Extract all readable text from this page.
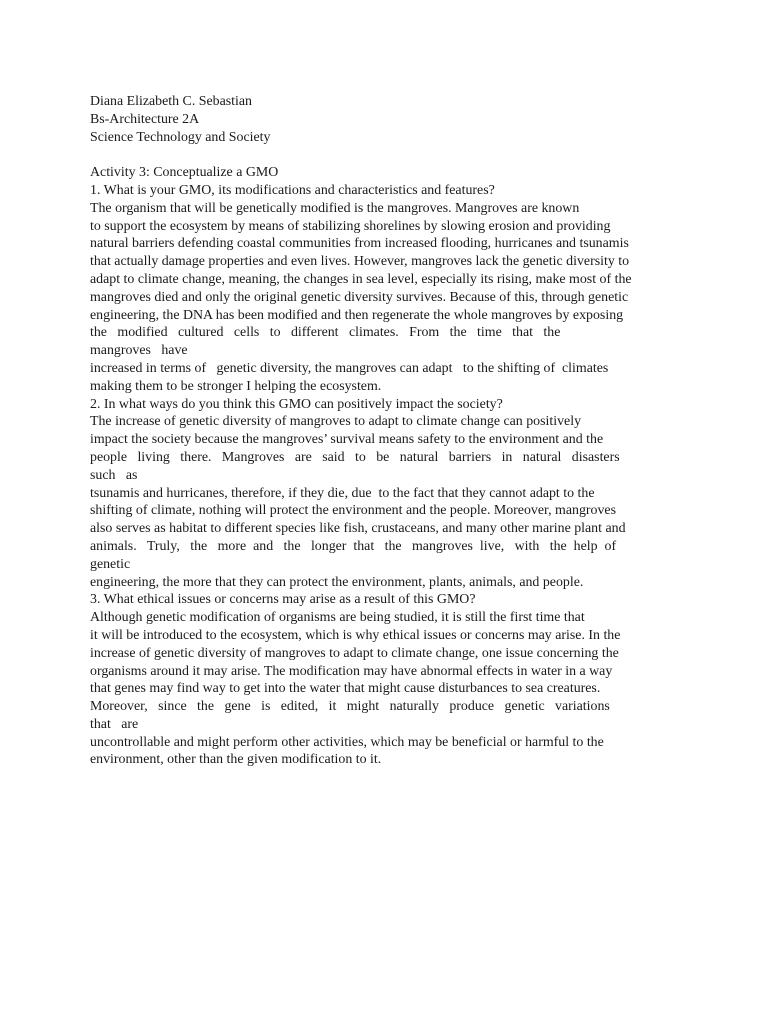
Diana Elizabeth C. Sebastian
Bs-Architecture 2A
Science Technology and Society
Activity 3: Conceptualize a GMO
1. What is your GMO, its modifications and characteristics and features?
The organism that will be genetically modified is the mangroves. Mangroves are known
to support the ecosystem by means of stabilizing shorelines by slowing erosion and providing
natural barriers defending coastal communities from increased flooding, hurricanes and tsunamis
that actually damage properties and even lives. However, mangroves lack the genetic diversity to
adapt to climate change, meaning, the changes in sea level, especially its rising, make most of the
mangroves died and only the original genetic diversity survives. Because of this, through genetic
engineering, the DNA has been modified and then regenerate the whole mangroves by exposing
the   modified   cultured   cells   to   different   climates.   From   the   time   that   the
mangroves   have
increased in terms of   genetic diversity, the mangroves can adapt   to the shifting of  climates
making them to be stronger I helping the ecosystem.
2. In what ways do you think this GMO can positively impact the society?
The increase of genetic diversity of mangroves to adapt to climate change can positively
impact the society because the mangroves’ survival means safety to the environment and the
people   living   there.   Mangroves   are   said   to   be   natural   barriers   in   natural   disasters
such   as
tsunamis and hurricanes, therefore, if they die, due  to the fact that they cannot adapt to the
shifting of climate, nothing will protect the environment and the people. Moreover, mangroves
also serves as habitat to different species like fish, crustaceans, and many other marine plant and
animals.   Truly,   the   more  and   the   longer  that   the   mangroves  live,   with   the  help  of
genetic
engineering, the more that they can protect the environment, plants, animals, and people.
3. What ethical issues or concerns may arise as a result of this GMO?
Although genetic modification of organisms are being studied, it is still the first time that
it will be introduced to the ecosystem, which is why ethical issues or concerns may arise. In the
increase of genetic diversity of mangroves to adapt to climate change, one issue concerning the
organisms around it may arise. The modification may have abnormal effects in water in a way
that genes may find way to get into the water that might cause disturbances to sea creatures.
Moreover,   since   the   gene   is   edited,   it   might   naturally   produce   genetic   variations
that   are
uncontrollable and might perform other activities, which may be beneficial or harmful to the
environment, other than the given modification to it.
